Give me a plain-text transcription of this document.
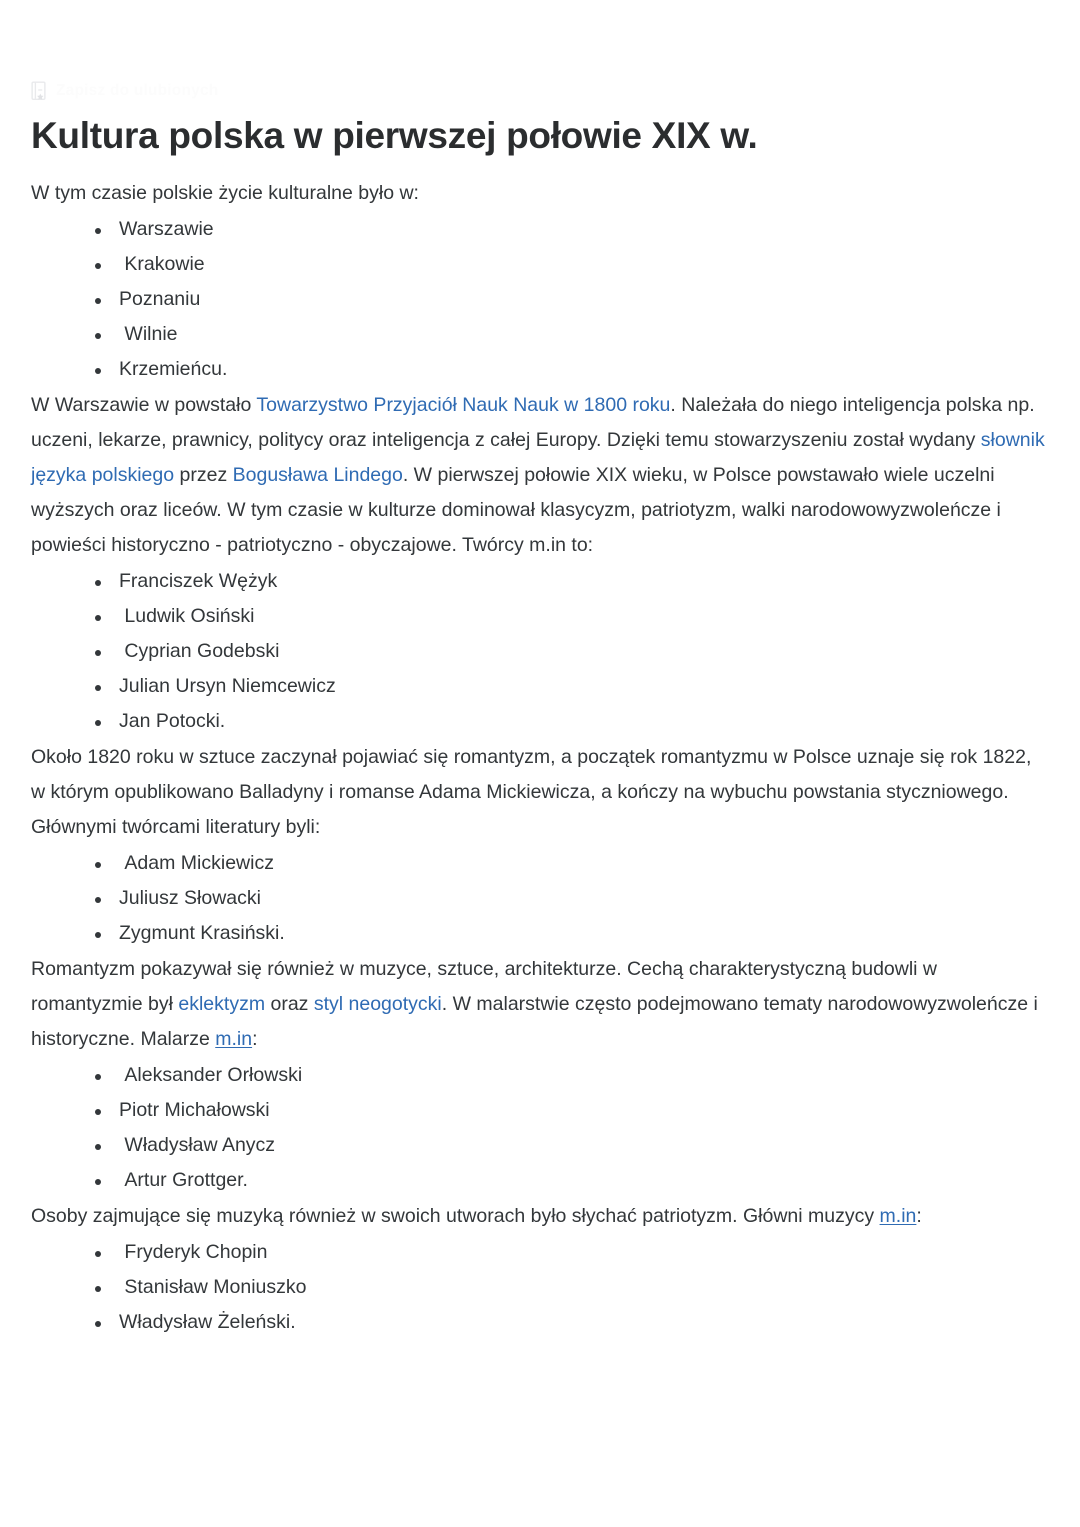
Zapisz do ulubionych
Kultura polska w pierwszej połowie XIX w.

W tym czasie polskie życie kulturalne było w:

Warszawie
Krakowie
Poznaniu
Wilnie
Krzemieńcu.

W Warszawie w powstało Towarzystwo Przyjaciół Nauk Nauk w 1800 roku. Należała do niego inteligencja polska np. uczeni, lekarze, prawnicy, politycy oraz inteligencja z całej Europy. Dzięki temu stowarzyszeniu został wydany słownik języka polskiego przez Bogusława Lindego. W pierwszej połowie XIX wieku, w Polsce powstawało wiele uczelni wyższych oraz liceów. W tym czasie w kulturze dominował klasycyzm, patriotyzm, walki narodowowyzwoleńcze i powieści historyczno - patriotyczno - obyczajowe. Twórcy m.in to:

Franciszek Wężyk
Ludwik Osiński
Cyprian Godebski
Julian Ursyn Niemcewicz
Jan Potocki.

Około 1820 roku w sztuce zaczynał pojawiać się romantyzm, a początek romantyzmu w Polsce uznaje się rok 1822, w którym opublikowano Balladyny i romanse Adama Mickiewicza, a kończy na wybuchu powstania styczniowego. Głównymi twórcami literatury byli:

Adam Mickiewicz
Juliusz Słowacki
Zygmunt Krasiński.

Romantyzm pokazywał się również w muzyce, sztuce, architekturze. Cechą charakterystyczną budowli w romantyzmie był eklektyzm oraz styl neogotycki. W malarstwie często podejmowano tematy narodowowyzwoleńcze i historyczne. Malarze m.in:

Aleksander Orłowski
Piotr Michałowski
Władysław Anycz
Artur Grottger.

Osoby zajmujące się muzyką również w swoich utworach było słychać patriotyzm. Główni muzycy m.in:

Fryderyk Chopin
Stanisław Moniuszko
Władysław Żeleński.
